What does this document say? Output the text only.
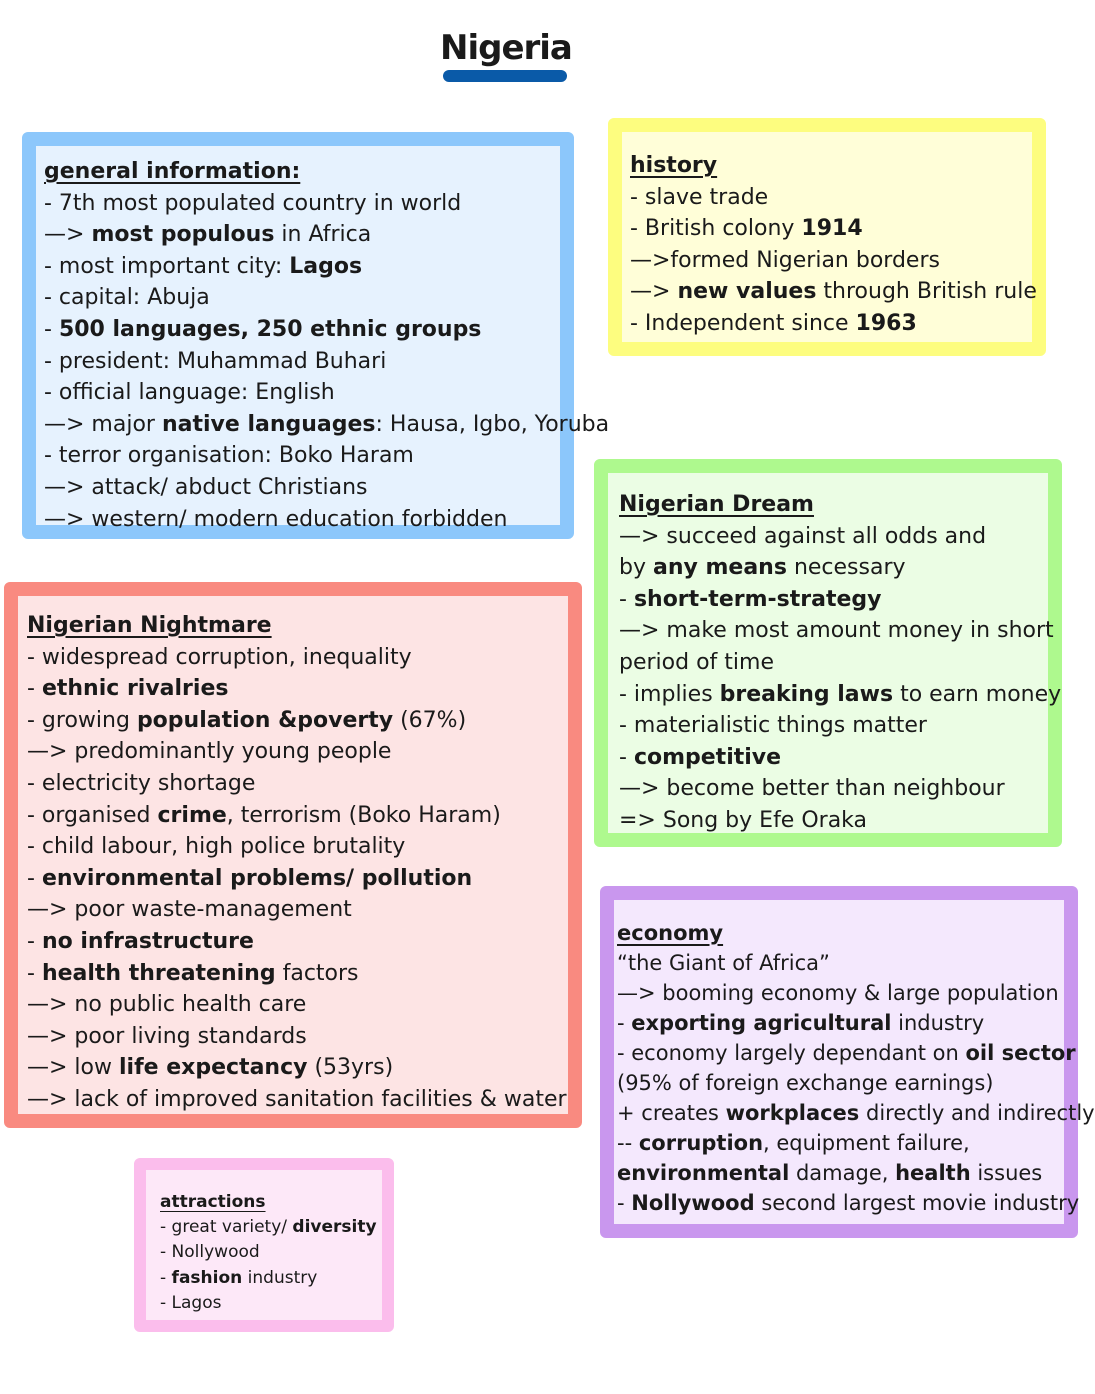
Nigeria
general information:
- 7th most populated country in world
—> most populous in Africa
- most important city: Lagos
- capital: Abuja
- 500 languages, 250 ethnic groups
- president: Muhammad Buhari
- official language: English
—> major native languages: Hausa, Igbo, Yoruba
- terror organisation: Boko Haram
—> attack/ abduct Christians
—> western/ modern education forbidden
history
- slave trade
- British colony 1914
—>formed Nigerian borders
—> new values through British rule
- Independent since 1963
Nigerian Dream
—> succeed against all odds and
by any means necessary
- short-term-strategy
—> make most amount money in short
period of time
- implies breaking laws to earn money
- materialistic things matter
- competitive
—> become better than neighbour
=> Song by Efe Oraka
Nigerian Nightmare
- widespread corruption, inequality
- ethnic rivalries
- growing population &poverty (67%)
—> predominantly young people
- electricity shortage
- organised crime, terrorism (Boko Haram)
- child labour, high police brutality
- environmental problems/ pollution
—> poor waste-management
- no infrastructure
- health threatening factors
—> no public health care
—> poor living standards
—> low life expectancy (53yrs)
—> lack of improved sanitation facilities & water
economy
“the Giant of Africa”
—> booming economy & large population
- exporting agricultural industry
- economy largely dependant on oil sector
(95% of foreign exchange earnings)
+ creates workplaces directly and indirectly
-- corruption, equipment failure,
environmental damage, health issues
- Nollywood second largest movie industry
attractions
- great variety/ diversity
- Nollywood
- fashion industry
- Lagos
